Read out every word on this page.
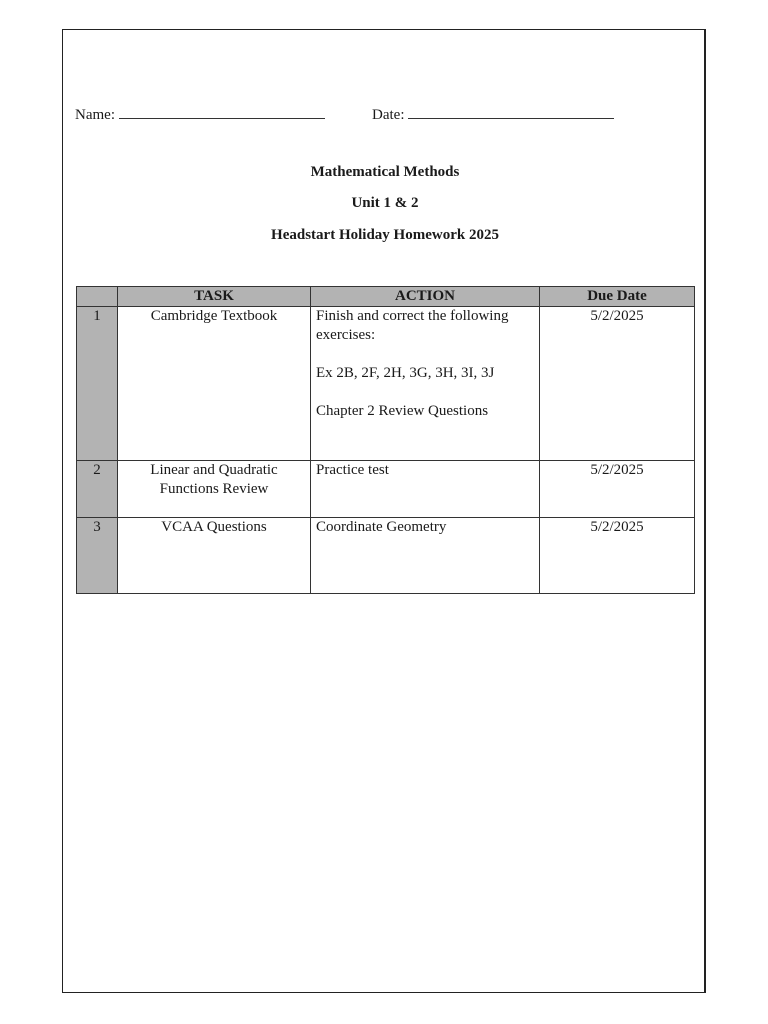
Name:	Date:
Mathematical Methods
Unit 1 & 2
Headstart Holiday Homework 2025
	TASK	ACTION	Due Date
1	Cambridge Textbook	Finish and correct the following exercises:

Ex 2B, 2F, 2H, 3G, 3H, 3I, 3J

Chapter 2 Review Questions	5/2/2025
2	Linear and Quadratic Functions Review	Practice test	5/2/2025
3	VCAA Questions	Coordinate Geometry	5/2/2025
